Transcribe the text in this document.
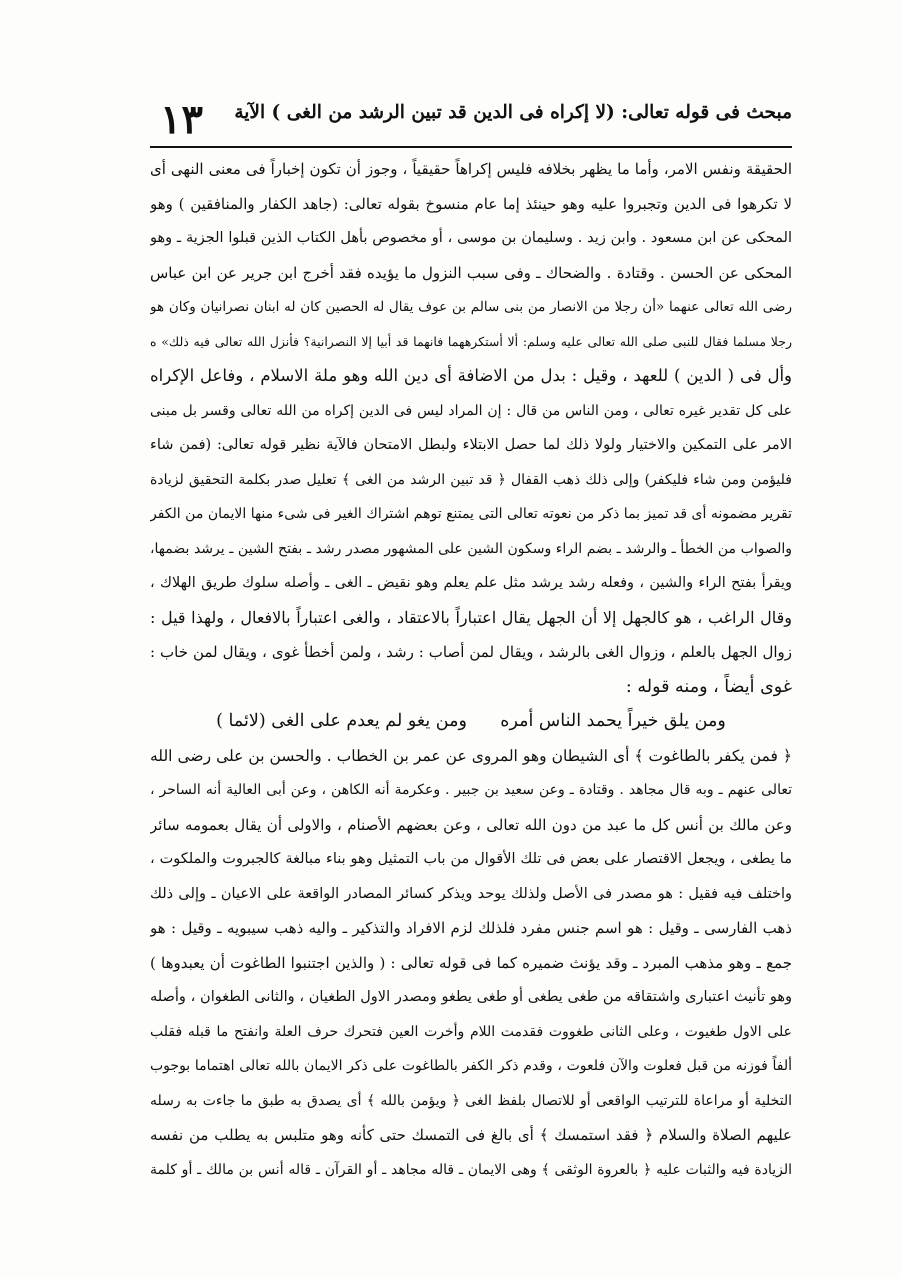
١٣ مبحث فى قوله تعالى: (لا إكراه فى الدين قد تبين الرشد من الغى ) الآية
الحقيقة ونفس الامر، وأما ما يظهر بخلافه فليس إكراهاً حقيقياً ، وجوز أن تكون إخباراً فى معنى النهى أى
لا تكرهوا فى الدين وتجبروا عليه وهو حينئذ إما عام منسوخ بقوله تعالى: (جاهد الكفار والمنافقين ) وهو
المحكى عن ابن مسعود . وابن زيد . وسليمان بن موسى ، أو مخصوص بأهل الكتاب الذين قبلوا الجزية ـ وهو
المحكى عن الحسن . وقتادة . والضحاك ـ وفى سبب النزول ما يؤيده فقد أخرج ابن جرير عن ابن عباس
رضى الله تعالى عنهما «أن رجلا من الانصار من بنى سالم بن عوف يقال له الحصين كان له ابنان نصرانيان وكان هو
رجلا مسلما فقال للنبى صلى الله تعالى عليه وسلم: ألا أستكرههما فانهما قد أبيا إلا النصرانية؟ فأنزل الله تعالى فيه ذلك» ه
وأل فى ( الدين ) للعهد ، وقيل : بدل من الاضافة أى دين الله وهو ملة الاسلام ، وفاعل الإكراه
على كل تقدير غيره تعالى ، ومن الناس من قال : إن المراد ليس فى الدين إكراه من الله تعالى وقسر بل مبنى
الامر على التمكين والاختيار ولولا ذلك لما حصل الابتلاء ولبطل الامتحان فالآية نظير قوله تعالى: (فمن شاء
فليؤمن ومن شاء فليكفر) وإلى ذلك ذهب القفال ﴿ قد تبين الرشد من الغى ﴾ تعليل صدر بكلمة التحقيق لزيادة
تقرير مضمونه أى قد تميز بما ذكر من نعوته تعالى التى يمتنع توهم اشتراك الغير فى شىء منها الايمان من الكفر
والصواب من الخطأ ـ والرشد ـ بضم الراء وسكون الشين على المشهور مصدر رشد ـ بفتح الشين ـ يرشد بضمها،
ويقرأ بفتح الراء والشين ، وفعله رشد يرشد مثل علم يعلم وهو نقيض ـ الغى ـ وأصله سلوك طريق الهلاك ،
وقال الراغب ، هو كالجهل إلا أن الجهل يقال اعتباراً بالاعتقاد ، والغى اعتباراً بالافعال ، ولهذا قيل :
زوال الجهل بالعلم ، وزوال الغى بالرشد ، ويقال لمن أصاب : رشد ، ولمن أخطأ غوى ، ويقال لمن خاب :
غوى أيضاً ، ومنه قوله :
ومن يلق خيراً يحمد الناس أمره      ومن يغو لم يعدم على الغى (لائما )
﴿ فمن يكفر بالطاغوت ﴾ أى الشيطان وهو المروى عن عمر بن الخطاب . والحسن بن على رضى الله
تعالى عنهم ـ وبه قال مجاهد . وقتادة ـ وعن سعيد بن جبير . وعكرمة أنه الكاهن ، وعن أبى العالية أنه الساحر ،
وعن مالك بن أنس كل ما عبد من دون الله تعالى ، وعن بعضهم الأصنام ، والاولى أن يقال بعمومه سائر
ما يطغى ، ويجعل الاقتصار على بعض فى تلك الأقوال من باب التمثيل وهو بناء مبالغة كالجبروت والملكوت ،
واختلف فيه فقيل : هو مصدر فى الأصل ولذلك يوحد ويذكر كسائر المصادر الواقعة على الاعيان ـ وإلى ذلك
ذهب الفارسى ـ وقيل : هو اسم جنس مفرد فلذلك لزم الافراد والتذكير ـ واليه ذهب سيبويه ـ وقيل : هو
جمع ـ وهو مذهب المبرد ـ وقد يؤنث ضميره كما فى قوله تعالى : ( والذين اجتنبوا الطاغوت أن يعبدوها )
وهو تأنيث اعتبارى واشتقاقه من طغى يطغى أو طغى يطغو ومصدر الاول الطغيان ، والثانى الطغوان ، وأصله
على الاول طغيوت ، وعلى الثانى طغووت فقدمت اللام وأخرت العين فتحرك حرف العلة وانفتح ما قبله فقلب
ألفاً فوزنه من قبل فعلوت والآن فلعوت ، وقدم ذكر الكفر بالطاغوت على ذكر الايمان بالله تعالى اهتماما بوجوب
التخلية أو مراعاة للترتيب الواقعى أو للاتصال بلفظ الغى ﴿ ويؤمن بالله ﴾ أى يصدق به طبق ما جاءت به رسله
عليهم الصلاة والسلام ﴿ فقد استمسك ﴾ أى بالغ فى التمسك حتى كأنه وهو متلبس به يطلب من نفسه
الزيادة فيه والثبات عليه ﴿ بالعروة الوثقى ﴾ وهى الايمان ـ قاله مجاهد ـ أو القرآن ـ قاله أنس بن مالك ـ أو كلمة
